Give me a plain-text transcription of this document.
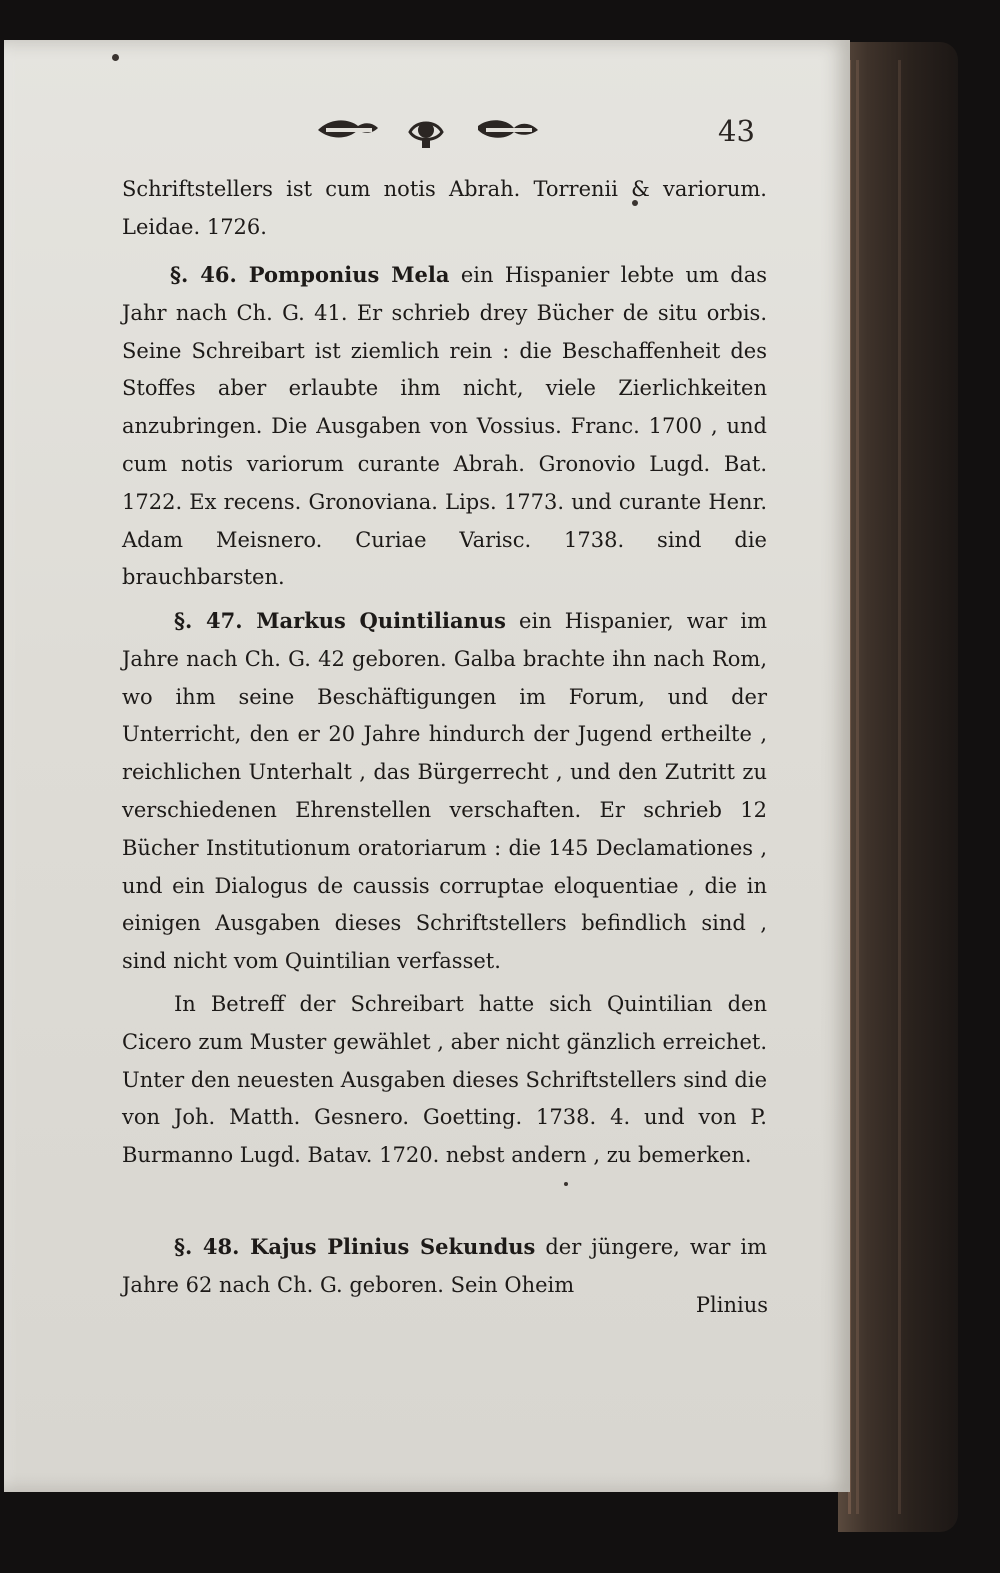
43

Schriftstellers ist cum notis Abrah. Torrenii & variorum. Leidae. 1726.

§. 46. Pomponius Mela ein Hispanier lebte um das Jahr nach Ch. G. 41. Er schrieb drey Bücher de situ orbis. Seine Schreibart ist ziemlich rein : die Beschaffenheit des Stoffes aber erlaubte ihm nicht, viele Zierlichkeiten anzubringen. Die Ausgaben von Vossius. Franc. 1700 , und cum notis variorum curante Abrah. Gronovio Lugd. Bat. 1722. Ex recens. Gronoviana. Lips. 1773. und curante Henr. Adam Meisnero. Curiae Varisc. 1738. sind die brauchbarsten.

§. 47. Markus Quintilianus ein Hispanier, war im Jahre nach Ch. G. 42 geboren. Galba brachte ihn nach Rom, wo ihm seine Beschäftigungen im Forum, und der Unterricht, den er 20 Jahre hindurch der Jugend ertheilte , reichlichen Unterhalt , das Bürgerrecht , und den Zutritt zu verschiedenen Ehrenstellen verschaften. Er schrieb 12 Bücher Institutionum oratoriarum : die 145 Declamationes , und ein Dialogus de caussis corruptae eloquentiae , die in einigen Ausgaben dieses Schriftstellers befindlich sind , sind nicht vom Quintilian verfasset.

In Betreff der Schreibart hatte sich Quintilian den Cicero zum Muster gewählet , aber nicht gänzlich erreichet. Unter den neuesten Ausgaben dieses Schriftstellers sind die von Joh. Matth. Gesnero. Goetting. 1738. 4. und von P. Burmanno Lugd. Batav. 1720. nebst andern , zu bemerken.

§. 48. Kajus Plinius Sekundus der jüngere, war im Jahre 62 nach Ch. G. geboren. Sein Oheim

Plinius
